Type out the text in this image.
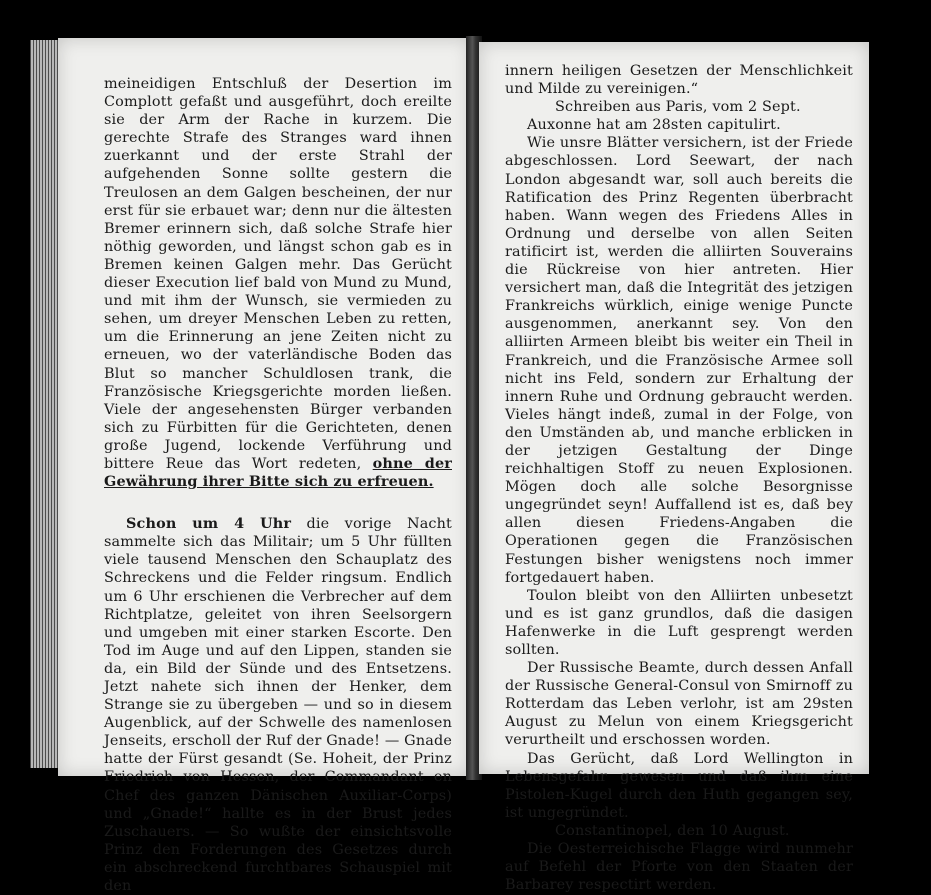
meineidigen Entschluß der Desertion im Complott gefaßt und ausgeführt, doch ereilte sie der Arm der Rache in kurzem. Die gerechte Strafe des Stranges ward ihnen zuerkannt und der erste Strahl der aufgehenden Sonne sollte gestern die Treulosen an dem Galgen bescheinen, der nur erst für sie erbauet war; denn nur die ältesten Bremer erinnern sich, daß solche Strafe hier nöthig geworden, und längst schon gab es in Bremen keinen Galgen mehr. Das Gerücht dieser Execution lief bald von Mund zu Mund, und mit ihm der Wunsch, sie vermieden zu sehen, um dreyer Menschen Leben zu retten, um die Erinnerung an jene Zeiten nicht zu erneuen, wo der vaterländische Boden das Blut so mancher Schuldlosen trank, die Französische Kriegsgerichte morden ließen. Viele der angesehensten Bürger verbanden sich zu Fürbitten für die Gerichteten, denen große Jugend, lockende Verführung und bittere Reue das Wort redeten, ohne der Gewährung ihrer Bitte sich zu erfreuen.

Schon um 4 Uhr die vorige Nacht sammelte sich das Militair; um 5 Uhr füllten viele tausend Menschen den Schauplatz des Schreckens und die Felder ringsum. Endlich um 6 Uhr erschienen die Verbrecher auf dem Richtplatze, geleitet von ihren Seelsorgern und umgeben mit einer starken Escorte. Den Tod im Auge und auf den Lippen, standen sie da, ein Bild der Sünde und des Entsetzens. Jetzt nahete sich ihnen der Henker, dem Strange sie zu übergeben — und so in diesem Augenblick, auf der Schwelle des namenlosen Jenseits, erscholl der Ruf der Gnade! — Gnade hatte der Fürst gesandt (Se. Hoheit, der Prinz Friedrich von Hessen, der Commandant en Chef des ganzen Dänischen Auxiliar-Corps) und „Gnade!“ hallte es in der Brust jedes Zuschauers. — So wußte der einsichtsvolle Prinz den Forderungen des Gesetzes durch ein abschreckend furchtbares Schauspiel mit den

innern heiligen Gesetzen der Menschlichkeit und Milde zu vereinigen.“

Schreiben aus Paris, vom 2 Sept.

Auxonne hat am 28sten capitulirt.

Wie unsre Blätter versichern, ist der Friede abgeschlossen. Lord Seewart, der nach London abgesandt war, soll auch bereits die Ratification des Prinz Regenten überbracht haben. Wann wegen des Friedens Alles in Ordnung und derselbe von allen Seiten ratificirt ist, werden die alliirten Souverains die Rückreise von hier antreten. Hier versichert man, daß die Integrität des jetzigen Frankreichs würklich, einige wenige Puncte ausgenommen, anerkannt sey. Von den alliirten Armeen bleibt bis weiter ein Theil in Frankreich, und die Französische Armee soll nicht ins Feld, sondern zur Erhaltung der innern Ruhe und Ordnung gebraucht werden. Vieles hängt indeß, zumal in der Folge, von den Umständen ab, und manche erblicken in der jetzigen Gestaltung der Dinge reichhaltigen Stoff zu neuen Explosionen. Mögen doch alle solche Besorgnisse ungegründet seyn! Auffallend ist es, daß bey allen diesen Friedens-Angaben die Operationen gegen die Französischen Festungen bisher wenigstens noch immer fortgedauert haben.

Toulon bleibt von den Alliirten unbesetzt und es ist ganz grundlos, daß die dasigen Hafenwerke in die Luft gesprengt werden sollten.

Der Russische Beamte, durch dessen Anfall der Russische General-Consul von Smirnoff zu Rotterdam das Leben verlohr, ist am 29sten August zu Melun von einem Kriegsgericht verurtheilt und erschossen worden.

Das Gerücht, daß Lord Wellington in Lebensgefahr gewesen und daß ihm eine Pistolen-Kugel durch den Huth gegangen sey, ist ungegründet.

Constantinopel, den 10 August.

Die Oesterreichische Flagge wird nunmehr auf Befehl der Pforte von den Staaten der Barbarey respectirt werden.
